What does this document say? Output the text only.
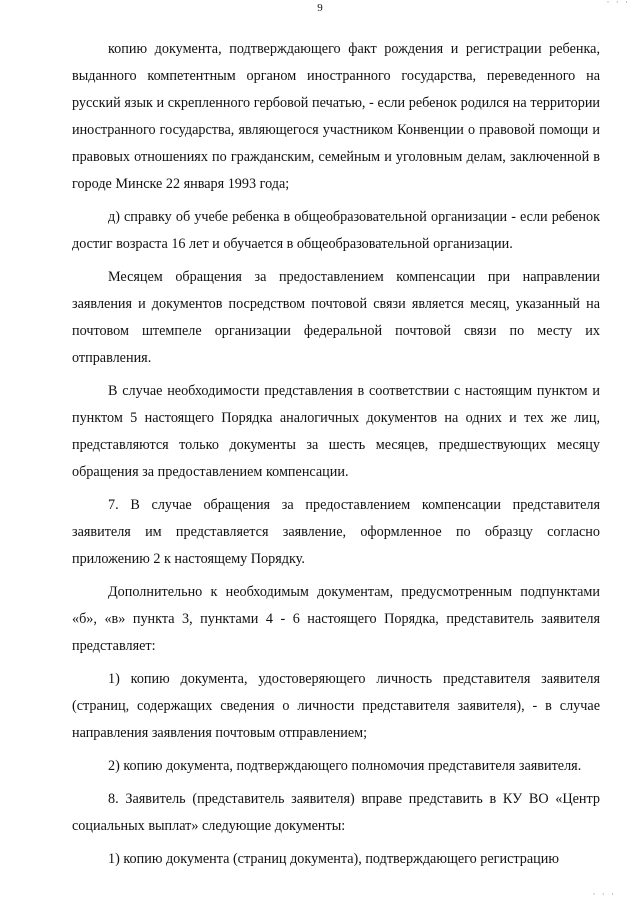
· · ·
9

копию документа, подтверждающего факт рождения и регистрации ребенка, выданного компетентным органом иностранного государства, переведенного на русский язык и скрепленного гербовой печатью, - если ребенок родился на территории иностранного государства, являющегося участником Конвенции о правовой помощи и правовых отношениях по гражданским, семейным и уголовным делам, заключенной в городе Минске 22 января 1993 года;

д) справку об учебе ребенка в общеобразовательной организации - если ребенок достиг возраста 16 лет и обучается в общеобразовательной организации.

Месяцем обращения за предоставлением компенсации при направлении заявления и документов посредством почтовой связи является месяц, указанный на почтовом штемпеле организации федеральной почтовой связи по месту их отправления.

В случае необходимости представления в соответствии с настоящим пунктом и пунктом 5 настоящего Порядка аналогичных документов на одних и тех же лиц, представляются только документы за шесть месяцев, предшествующих месяцу обращения за предоставлением компенсации.

7. В случае обращения за предоставлением компенсации представителя заявителя им представляется заявление, оформленное по образцу согласно приложению 2 к настоящему Порядку.

Дополнительно к необходимым документам, предусмотренным подпунктами «б», «в» пункта 3, пунктами 4 - 6 настоящего Порядка, представитель заявителя представляет:

1) копию документа, удостоверяющего личность представителя заявителя (страниц, содержащих сведения о личности представителя заявителя), - в случае направления заявления почтовым отправлением;

2) копию документа, подтверждающего полномочия представителя заявителя.

8. Заявитель (представитель заявителя) вправе представить в КУ ВО «Центр социальных выплат» следующие документы:

1) копию документа (страниц документа), подтверждающего регистрацию

· · ·
